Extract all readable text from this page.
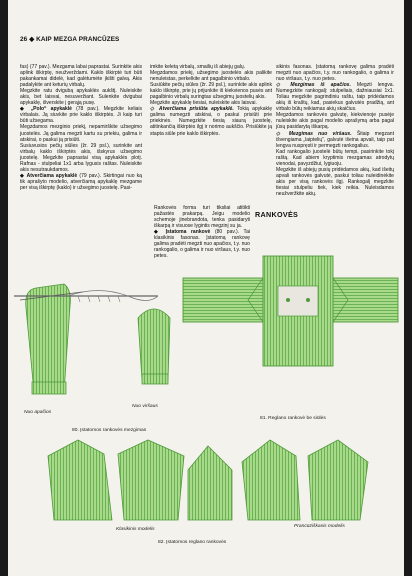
26 ◆ KAIP MEZGA PRANCŪZES

fas) (77 pav.). Mezgama labai paprastai. Surinkite akis aplink iškirptę, neužverždami. Kaklo iškirptė turi būti pakankamai didelė, kad galėtumėte įkišti galvą. Akis padalykite ant keturių virbalų.

Megzkite ratu dvigubą apykaklės aukštį. Nuleiskite akis, bet laisvai, nesuveržiant. Sulenkite dvigubai apykaklę, išverskite į gerąją pusę.

◆ „Polo“ apykaklė (78 pav.). Megzkite keliais virbalais. Ją siuvkite prie kaklo iškirptės. Ji kaip turi būti užsegama.

Megzdamos mezginio priekį, nepamirškite užsegimo juostelės. Ją galima megzti kartu su priekiu, galima ir atskirai, o paskui ją prisiūti.

Susiuvusios pečių siūles (žr. 29 psl.), surinkite ant virbalų kaklo iškirptės akis, išskyrus užsegimo juostelę. Megzkite paprastai visą apykaklės plotį. Rafnas - stulpeliai 1x1 arba lygusis raštas. Nuleiskite akis nesutraukdamos.

◆ Atverčiama apykaklė (79 pav.). Skirtingai nuo ką tik aprašyto modelio, atverčiamą apykaklę mezgame per visą iškirptę (kaklo) ir užsegimo juostelę. Pasi-

imkite keletą virbalų, smailių iš abiejų galų.

Megzdamos priekį, užsegimo juostelės akis palikite nenuleistas, perkelkite ant pagalbinio virbalo.

Susiūkite pečių siūles (žr. 29 psl.), surinkite akis aplink kaklo iškirptę, prie jų prijunkite iš kiekvienos pusės ant pagalbinio virbalų suringtas užsegimų juostelių akis.

Megzkite apykaklę tiesiai, nuleiskite akis laisvai.

◇ Atverčiama prisiūta apykaklė. Tokią apykaklę galima numegzti atskirai, o paskui prisiūti prie priekinės. Numegzkite tiesią siaurą juostelę, atitinkančią iškirptės ilgį ir norimo aukščio. Prisiūkite ją stapta siūle prie kaklo iškirptės.

RANKOVĖS

Rankovės forma turi tiksliai atitikti pažastės prakarpą. Jeigu modelio schemoje jinebrandota, tenka pasidaryti iškarpą ir visuose lygintis megzinį su ja.

◆ Įstatoma rankovė (80 pav.). Tai klasikinis fasonas. Įstatomą rankovę galima pradėti megzti nuo apačios, t.y. nuo rankogalio, o galima ir nuo viršaus, t.y. nuo petes.

sikinis fasonas. Įstatomą rankovę galima pradėti megzti nuo apačios, t.y. nuo rankogalio, o galima ir nuo viršaus, t.y. nuo petes.

◇ Mezgimas iš apačios. Megzti lengva. Numegzkite rankogalį: stulpeliais, dažniausiai 1x1. Toliau megzkite pagrindiniu raštu, taip pridėdamos akių iš kraštų, kad, pasiekus galvutės pradžią, ant virbalo būtų reikiamas akių skaičius.

Megzdamos rankovės galvutę, kiekvienoje pusėje nuleiskite akis pagal modelio aprašymą arba pagal jūsų pasidarytą iškarpą.

◇ Mezgimas nuo viršaus. Šitaip megzant išvengiama „laiptelių“, galvutė išeina apvali, taip pat lengva nuspręsti ir permegzti rankogalius.

Kad rankogalio juostelė būtų tempi, pasirinkite tokį raštą. Kad abiem kryptimis mezgamas atrodytų vienodai, pavyzdžiui, lygiuoju.

Megzkite iš abiejų pusių pridėdamos akių, kad išeitų apvali rankovės galvutė, paskui toliau nuleidinėkite akis per visą rankovės ilgį. Rankogalį megzkite tiesiai stulpeliu tiek, kiek reikia. Nuleisdamos neužveržkite akių.

Nuo apačios
Nuo viršaus
80. Įstatomos rankovės mezgimas
81. Reglano rankovė be siūlės
Klasikinis modelis
Prancūziškasis modelis
82. Įstatomos reglano rankovės
